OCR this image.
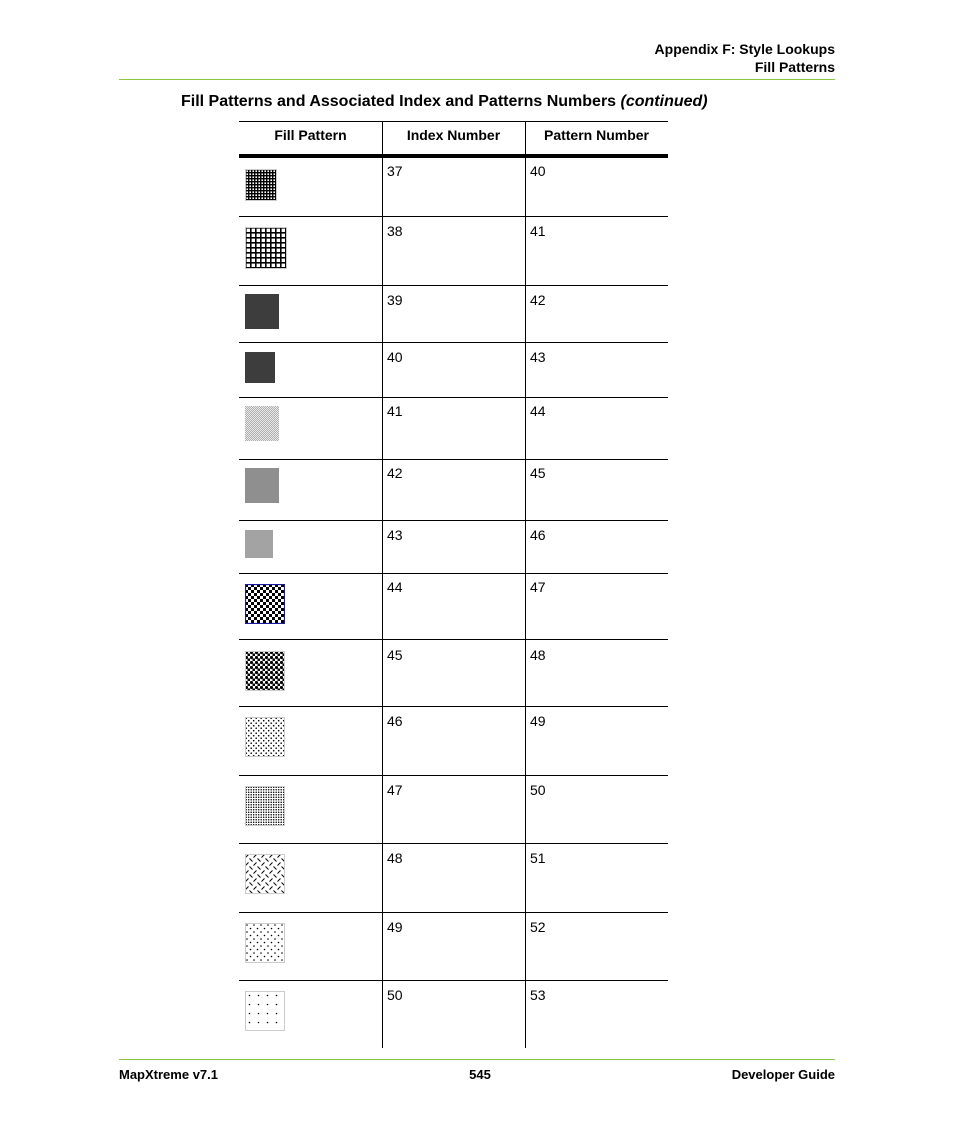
Appendix F: Style Lookups
Fill Patterns
Fill Patterns and Associated Index and Patterns Numbers (continued)
Fill Pattern	Index Number	Pattern Number
37	40
38	41
39	42
40	43
41	44
42	45
43	46
44	47
45	48
46	49
47	50
48	51
49	52
50	53
MapXtreme v7.1	545	Developer Guide
